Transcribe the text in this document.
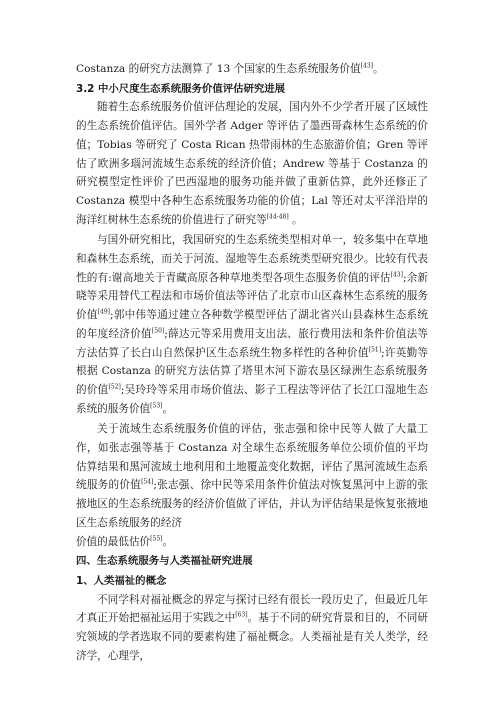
Costanza 的研究方法测算了 13 个国家的生态系统服务价值[43]。

3.2 中小尺度生态系统服务价值评估研究进展

随着生态系统服务价值评估理论的发展，国内外不少学者开展了区域性的生态系统价值评估。国外学者 Adger 等评估了墨西哥森林生态系统的价值；Tobias 等研究了 Costa Rican 热带雨林的生态旅游价值；Gren 等评估了欧洲多瑙河流域生态系统的经济价值；Andrew 等基于 Costanza 的研究模型定性评价了巴西湿地的服务功能并做了重新估算，此外还修正了 Costanza 模型中各种生态系统服务功能的价值；Lal 等还对太平洋沿岸的海洋红树林生态系统的价值进行了研究等[44-48] 。

与国外研究相比，我国研究的生态系统类型相对单一，较多集中在草地和森林生态系统，而关于河流、湿地等生态系统类型研究很少。比较有代表性的有:谢高地关于青藏高原各种草地类型各项生态服务价值的评估[43];余新晓等采用替代工程法和市场价值法等评估了北京市山区森林生态系统的服务价值[49];郭中伟等通过建立各种数学模型评估了湖北省兴山县森林生态系统的年度经济价值[50];薛达元等采用费用支出法、旅行费用法和条件价值法等方法估算了长白山自然保护区生态系统生物多样性的各种价值[51];许英勤等根据 Costanza 的研究方法估算了塔里木河下游农垦区绿洲生态系统服务的价值[52];吴玲玲等采用市场价值法、影子工程法等评估了长江口湿地生态系统的服务价值[53]。

关于流域生态系统服务价值的评估，张志强和徐中民等人做了大量工作，如张志强等基于 Costanza 对全球生态系统服务单位公顷价值的平均估算结果和黑河流域土地利用和土地覆盖变化数据，评估了黑河流域生态系统服务的价值[54];张志强、徐中民等采用条件价值法对恢复黑河中上游的张掖地区的生态系统服务的经济价值做了评估，并认为评估结果是恢复张掖地区生态系统服务的经济

价值的最低估价[55]。

四、生态系统服务与人类福祉研究进展

1、人类福祉的概念

不同学科对福祉概念的界定与探讨已经有很长一段历史了，但最近几年才真正开始把福祉运用于实践之中[63]。基于不同的研究背景和目的，不同研究领域的学者选取不同的要素构建了福祉概念。人类福祉是有关人类学，经济学，心理学，
